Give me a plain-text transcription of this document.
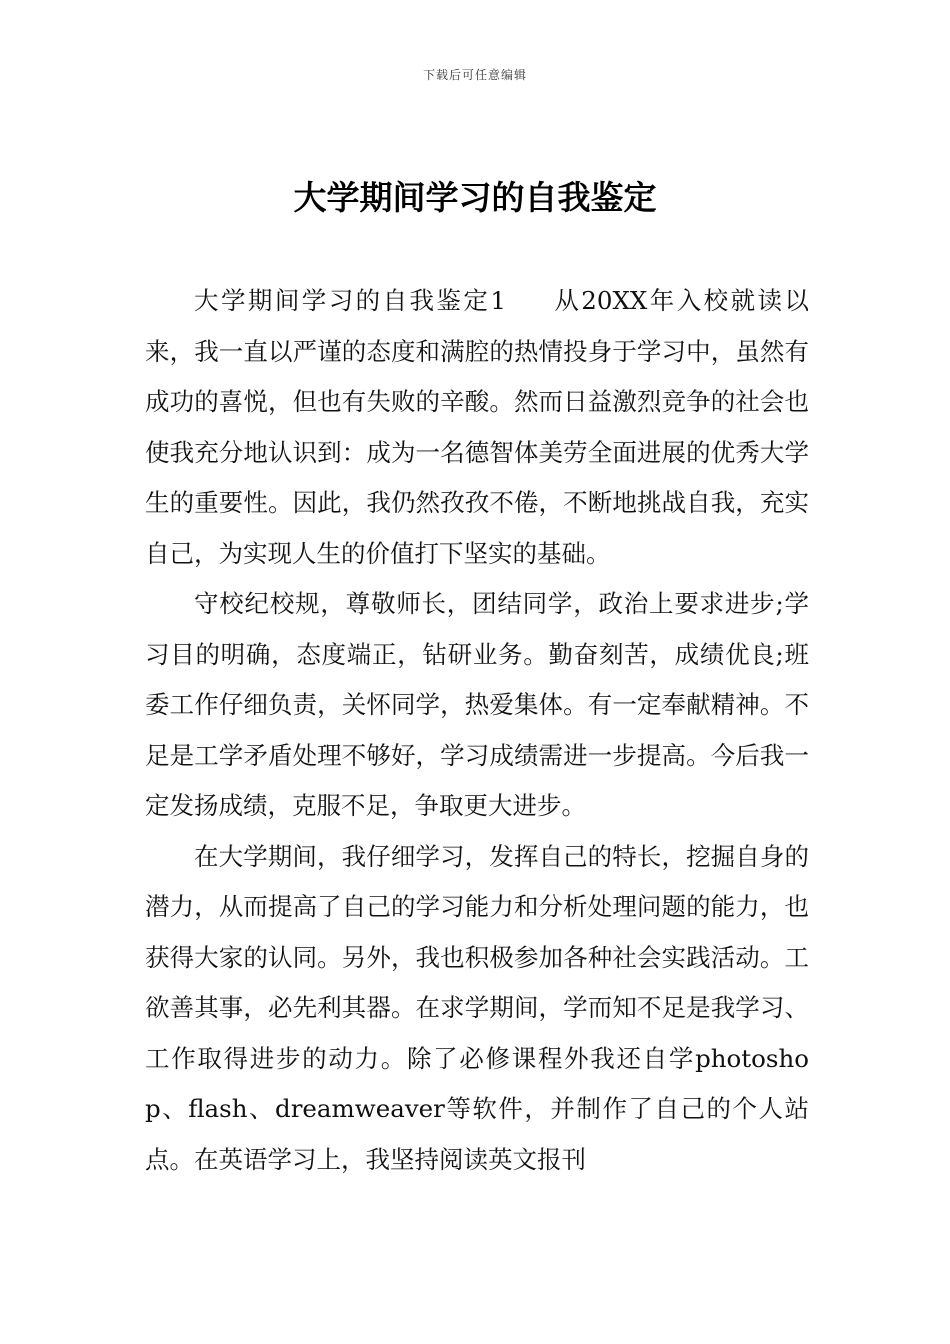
下载后可任意编辑
大学期间学习的自我鉴定

大学期间学习的自我鉴定1 从20XX年入校就读以来，我一直以严谨的态度和满腔的热情投身于学习中，虽然有成功的喜悦，但也有失败的辛酸。然而日益激烈竞争的社会也使我充分地认识到：成为一名德智体美劳全面进展的优秀大学生的重要性。因此，我仍然孜孜不倦，不断地挑战自我，充实自己，为实现人生的价值打下坚实的基础。

守校纪校规，尊敬师长，团结同学，政治上要求进步;学习目的明确，态度端正，钻研业务。勤奋刻苦，成绩优良;班委工作仔细负责，关怀同学，热爱集体。有一定奉献精神。不足是工学矛盾处理不够好，学习成绩需进一步提高。今后我一定发扬成绩，克服不足，争取更大进步。

在大学期间，我仔细学习，发挥自己的特长，挖掘自身的潜力，从而提高了自己的学习能力和分析处理问题的能力，也获得大家的认同。另外，我也积极参加各种社会实践活动。工欲善其事，必先利其器。在求学期间，学而知不足是我学习、工作取得进步的动力。除了必修课程外我还自学photoshop、flash、dreamweaver等软件，并制作了自己的个人站点。在英语学习上，我坚持阅读英文报刊
